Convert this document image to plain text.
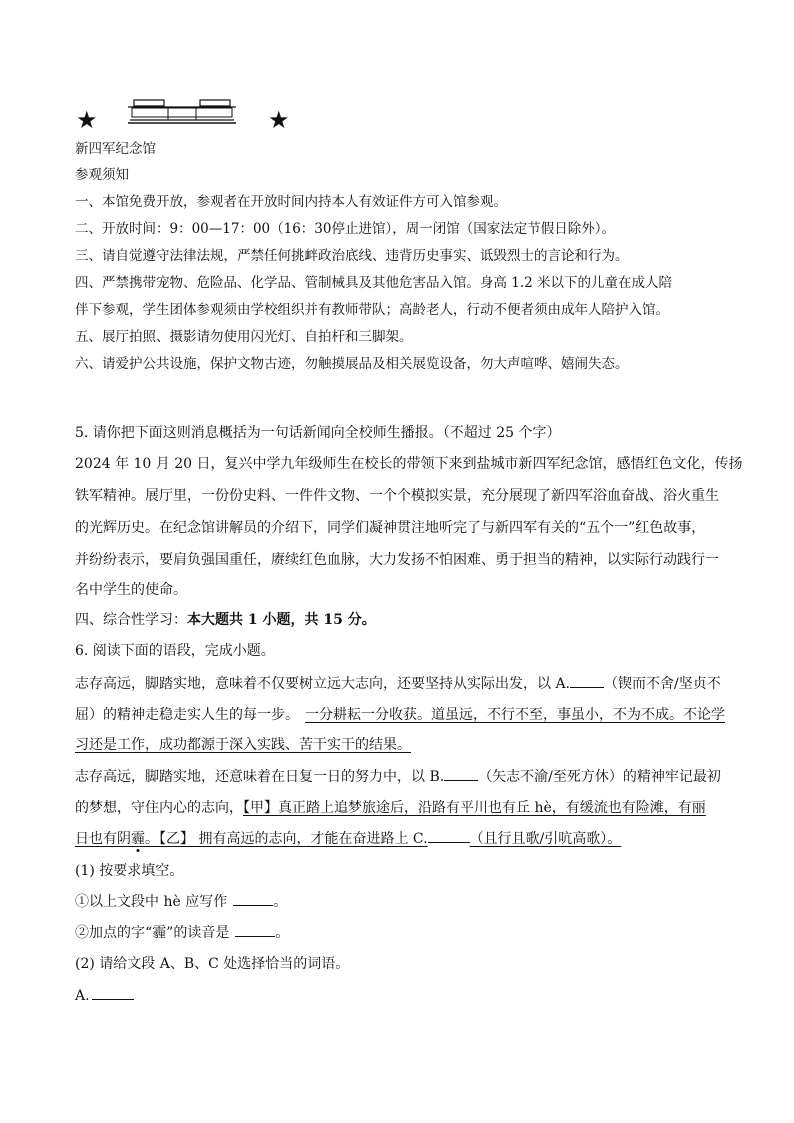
★	★
新四军纪念馆
参观须知
一、本馆免费开放，参观者在开放时间内持本人有效证件方可入馆参观。
二、开放时间：9：00—17：00（16：30停止进馆），周一闭馆（国家法定节假日除外）。
三、请自觉遵守法律法规，严禁任何挑衅政治底线、违背历史事实、诋毁烈士的言论和行为。
四、严禁携带宠物、危险品、化学品、管制械具及其他危害品入馆。身高 1.2 米以下的儿童在成人陪
伴下参观，学生团体参观须由学校组织并有教师带队；高龄老人，行动不便者须由成年人陪护入馆。
五、展厅拍照、摄影请勿使用闪光灯、自拍杆和三脚架。
六、请爱护公共设施，保护文物古迹，勿触摸展品及相关展览设备，勿大声喧哗、嬉闹失态。
5. 请你把下面这则消息概括为一句话新闻向全校师生播报。（不超过 25 个字）
2024 年 10 月 20 日，复兴中学九年级师生在校长的带领下来到盐城市新四军纪念馆，感悟红色文化，传扬
铁军精神。展厅里，一份份史料、一件件文物、一个个模拟实景，充分展现了新四军浴血奋战、浴火重生
的光辉历史。在纪念馆讲解员的介绍下，同学们凝神贯注地听完了与新四军有关的“五个一”红色故事，
并纷纷表示，要肩负强国重任，赓续红色血脉，大力发扬不怕困难、勇于担当的精神，以实际行动践行一
名中学生的使命。
四、综合性学习：本大题共 1 小题，共 15 分。
6. 阅读下面的语段，完成小题。
志存高远，脚踏实地，意味着不仅要树立远大志向，还要坚持从实际出发，以 A. （锲而不舍/坚贞不
屈）的精神走稳走实人生的每一步。 一分耕耘一分收获。道虽远，不行不至，事虽小，不为不成。不论学
习还是工作，成功都源于深入实践、苦干实干的结果。
志存高远，脚踏实地，还意味着在日复一日的努力中，以 B. （矢志不渝/至死方休）的精神牢记最初
的梦想，守住内心的志向，【甲】真正踏上追梦旅途后，沿路有平川也有丘 hè，有缓流也有险滩，有丽
日也有阴霾。【乙】 拥有高远的志向，才能在奋进路上 C.	（且行且歌/引吭高歌）。
(1) 按要求填空。
①以上文段中 hè 应写作	。
②加点的字“霾”的读音是	。
(2) 请给文段 A、B、C 处选择恰当的词语。
A.
